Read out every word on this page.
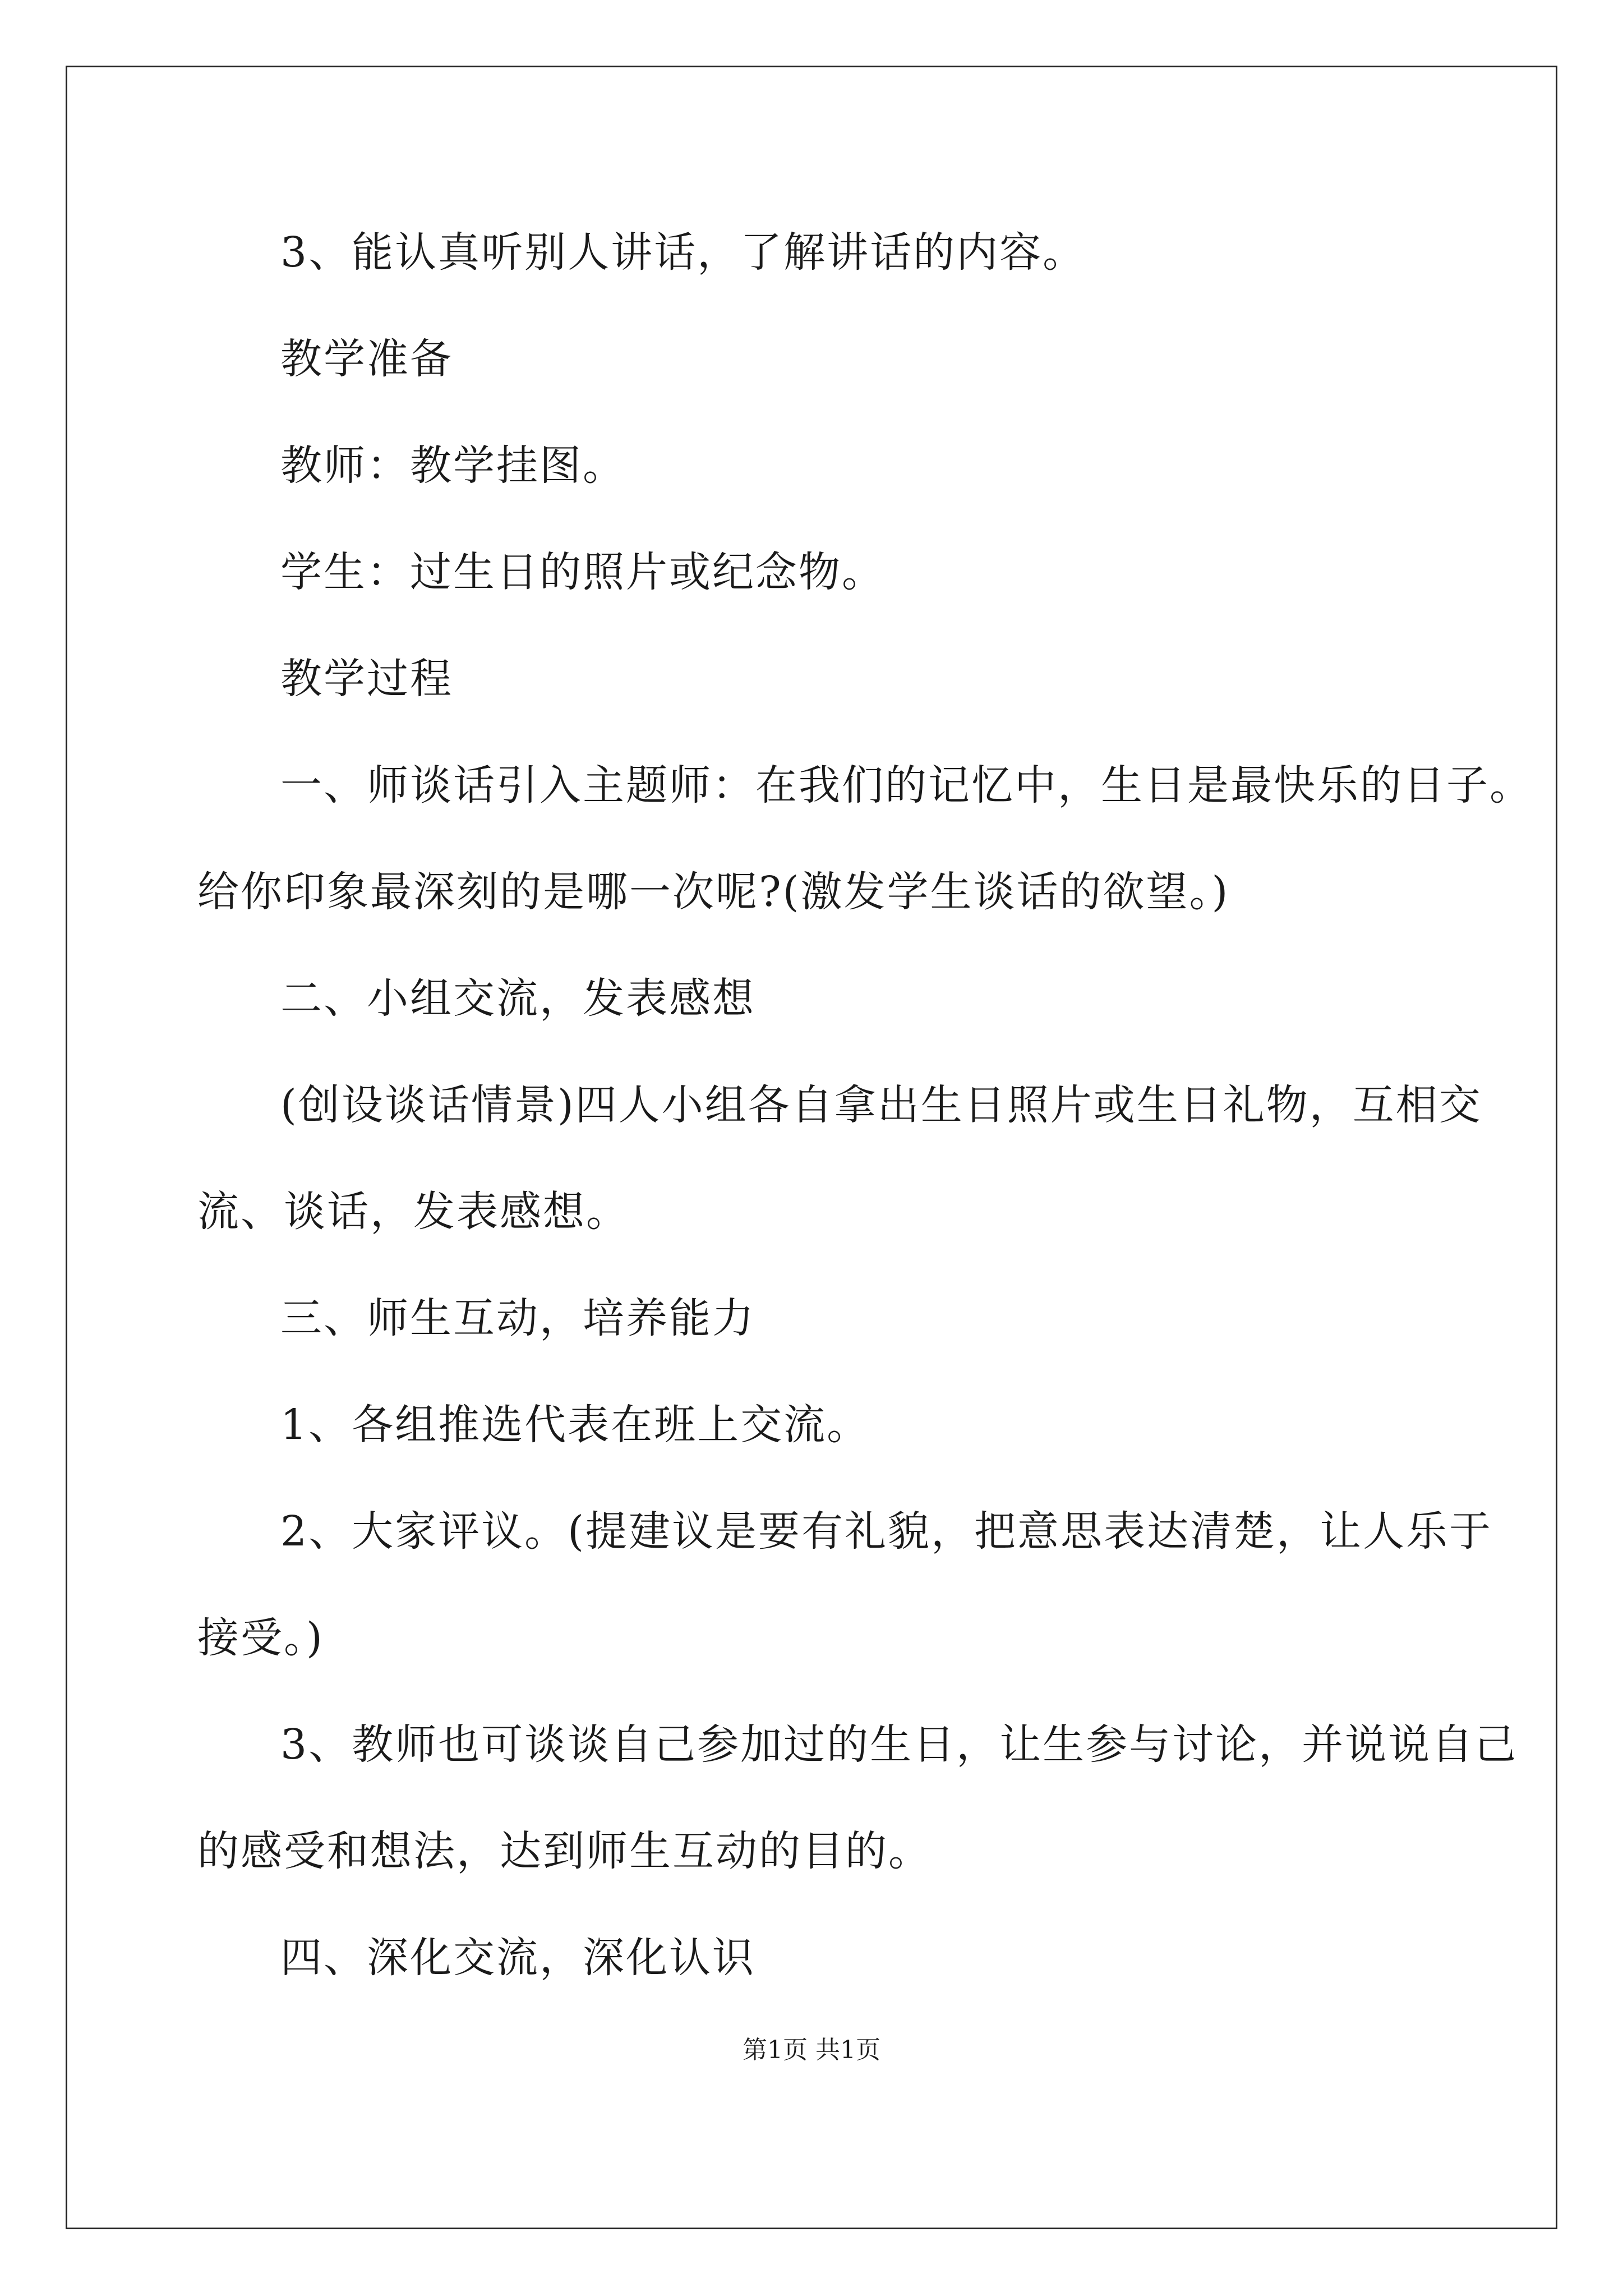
3、能认真听别人讲话，了解讲话的内容。
教学准备
教师：教学挂图。
学生：过生日的照片或纪念物。
教学过程
一、师谈话引入主题师：在我们的记忆中，生日是最快乐的日子。
给你印象最深刻的是哪一次呢?(激发学生谈话的欲望。)
二、小组交流，发表感想
(创设谈话情景)四人小组各自拿出生日照片或生日礼物，互相交
流、谈话，发表感想。
三、师生互动，培养能力
1、各组推选代表在班上交流。
2、大家评议。(提建议是要有礼貌，把意思表达清楚，让人乐于
接受。)
3、教师也可谈谈自己参加过的生日，让生参与讨论，并说说自己
的感受和想法，达到师生互动的目的。
四、深化交流，深化认识
第1页 共1页
